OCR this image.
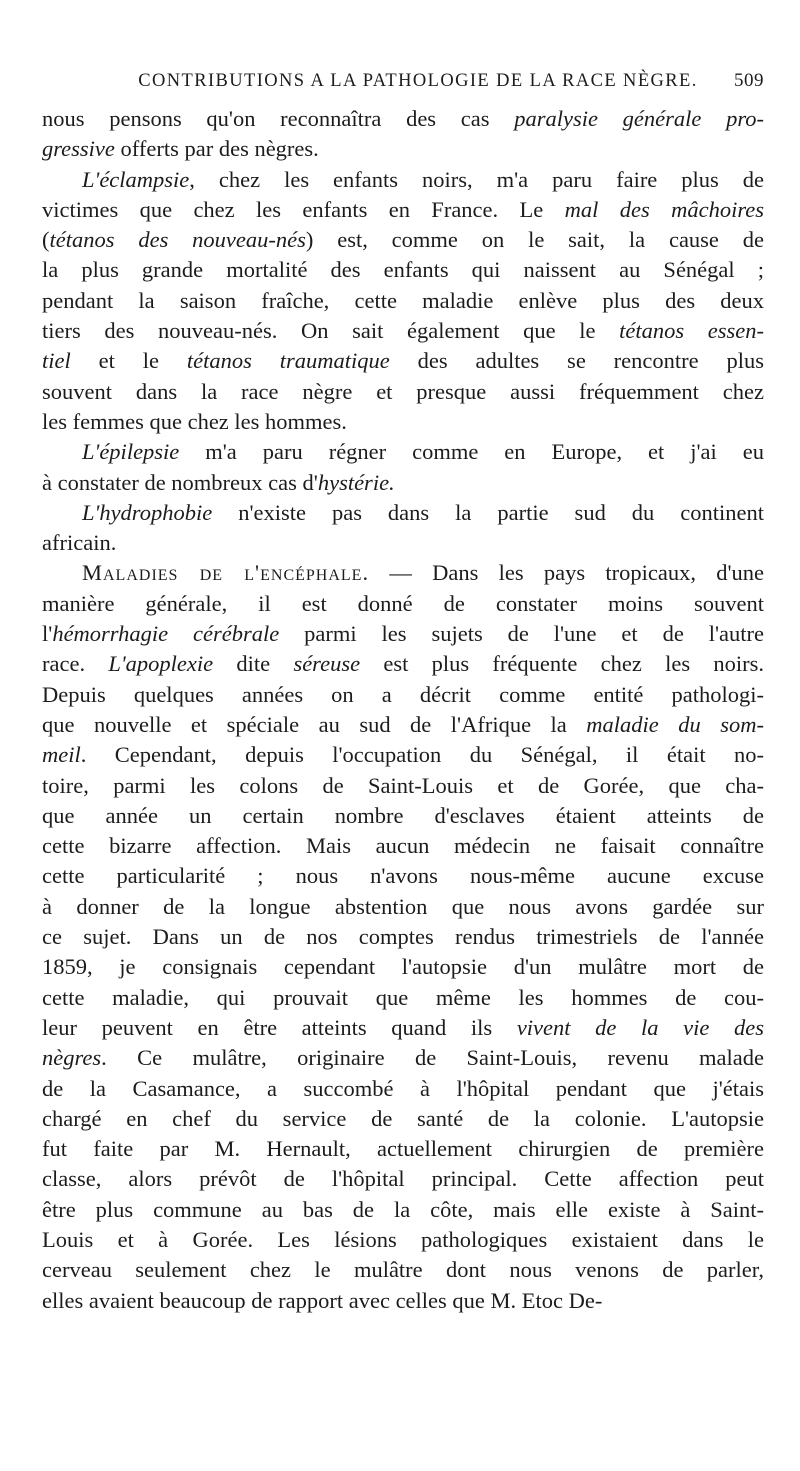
CONTRIBUTIONS A LA PATHOLOGIE DE LA RACE NÈGRE.	509
nous pensons qu'on reconnaîtra des cas paralysie générale pro-
gressive offerts par des nègres.
L'éclampsie, chez les enfants noirs, m'a paru faire plus de
victimes que chez les enfants en France. Le mal des mâchoires
(tétanos des nouveau-nés) est, comme on le sait, la cause de
la plus grande mortalité des enfants qui naissent au Sénégal ;
pendant la saison fraîche, cette maladie enlève plus des deux
tiers des nouveau-nés. On sait également que le tétanos essen-
tiel et le tétanos traumatique des adultes se rencontre plus
souvent dans la race nègre et presque aussi fréquemment chez
les femmes que chez les hommes.
L'épilepsie m'a paru régner comme en Europe, et j'ai eu
à constater de nombreux cas d'hystérie.
L'hydrophobie n'existe pas dans la partie sud du continent
africain.
Maladies de l'encéphale. — Dans les pays tropicaux, d'une
manière générale, il est donné de constater moins souvent
l'hémorrhagie cérébrale parmi les sujets de l'une et de l'autre
race. L'apoplexie dite séreuse est plus fréquente chez les noirs.
Depuis quelques années on a décrit comme entité pathologi-
que nouvelle et spéciale au sud de l'Afrique la maladie du som-
meil. Cependant, depuis l'occupation du Sénégal, il était no-
toire, parmi les colons de Saint-Louis et de Gorée, que cha-
que année un certain nombre d'esclaves étaient atteints de
cette bizarre affection. Mais aucun médecin ne faisait connaître
cette particularité ; nous n'avons nous-même aucune excuse
à donner de la longue abstention que nous avons gardée sur
ce sujet. Dans un de nos comptes rendus trimestriels de l'année
1859, je consignais cependant l'autopsie d'un mulâtre mort de
cette maladie, qui prouvait que même les hommes de cou-
leur peuvent en être atteints quand ils vivent de la vie des
nègres. Ce mulâtre, originaire de Saint-Louis, revenu malade
de la Casamance, a succombé à l'hôpital pendant que j'étais
chargé en chef du service de santé de la colonie. L'autopsie
fut faite par M. Hernault, actuellement chirurgien de première
classe, alors prévôt de l'hôpital principal. Cette affection peut
être plus commune au bas de la côte, mais elle existe à Saint-
Louis et à Gorée. Les lésions pathologiques existaient dans le
cerveau seulement chez le mulâtre dont nous venons de parler,
elles avaient beaucoup de rapport avec celles que M. Etoc De-
